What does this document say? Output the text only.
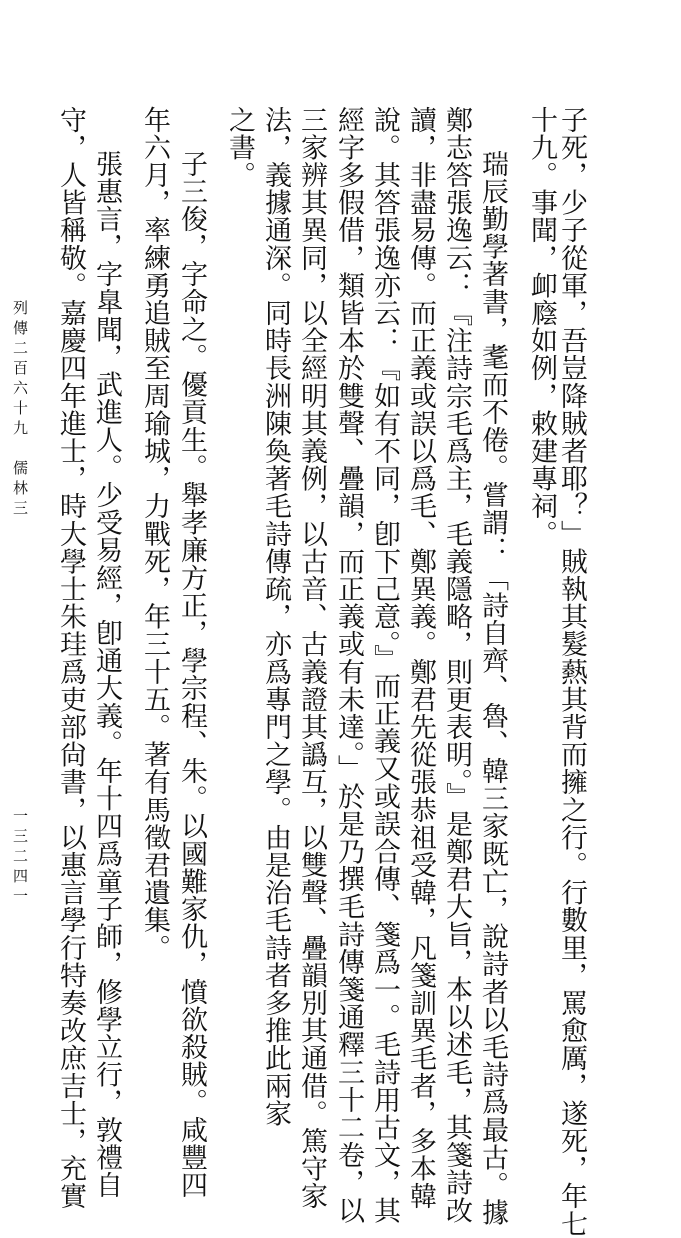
子死，少子從軍，吾豈降賊者耶？」賊執其髮爇其背而擁之行。行數里，罵愈厲，遂死，年七
十九。事聞，卹廕如例，敕建專祠。
瑞辰勤學著書，耄而不倦。嘗謂：「詩自齊、魯、韓三家既亡，說詩者以毛詩爲最古。據
鄭志答張逸云：『注詩宗毛爲主，毛義隱略，則更表明。』是鄭君大旨，本以述毛，其箋詩改
讀，非盡易傳。而正義或誤以爲毛、鄭異義。鄭君先從張恭祖受韓，凡箋訓異毛者，多本韓
說。其答張逸亦云：『如有不同，卽下己意。』而正義又或誤合傳、箋爲一。毛詩用古文，其
經字多假借，類皆本於雙聲、疊韻，而正義或有未達。」於是乃撰毛詩傳箋通釋三十二卷，以
三家辨其異同，以全經明其義例，以古音、古義證其譌互，以雙聲、疊韻別其通借。篤守家
法，義據通深。同時長洲陳奐著毛詩傳疏，亦爲專門之學。由是治毛詩者多推此兩家
之書。
子三俊，字命之。優貢生。舉孝廉方正，學宗程、朱。以國難家仇，憤欲殺賊。咸豐四
年六月，率練勇追賊至周瑜城，力戰死，年三十五。著有馬徵君遺集。
張惠言，字臯聞，武進人。少受易經，卽通大義。年十四爲童子師，修學立行，敦禮自
守，人皆稱敬。嘉慶四年進士，時大學士朱珪爲吏部尙書，以惠言學行特奏改庶吉士，充實
列傳二百六十九　儒林三
一三二四一
